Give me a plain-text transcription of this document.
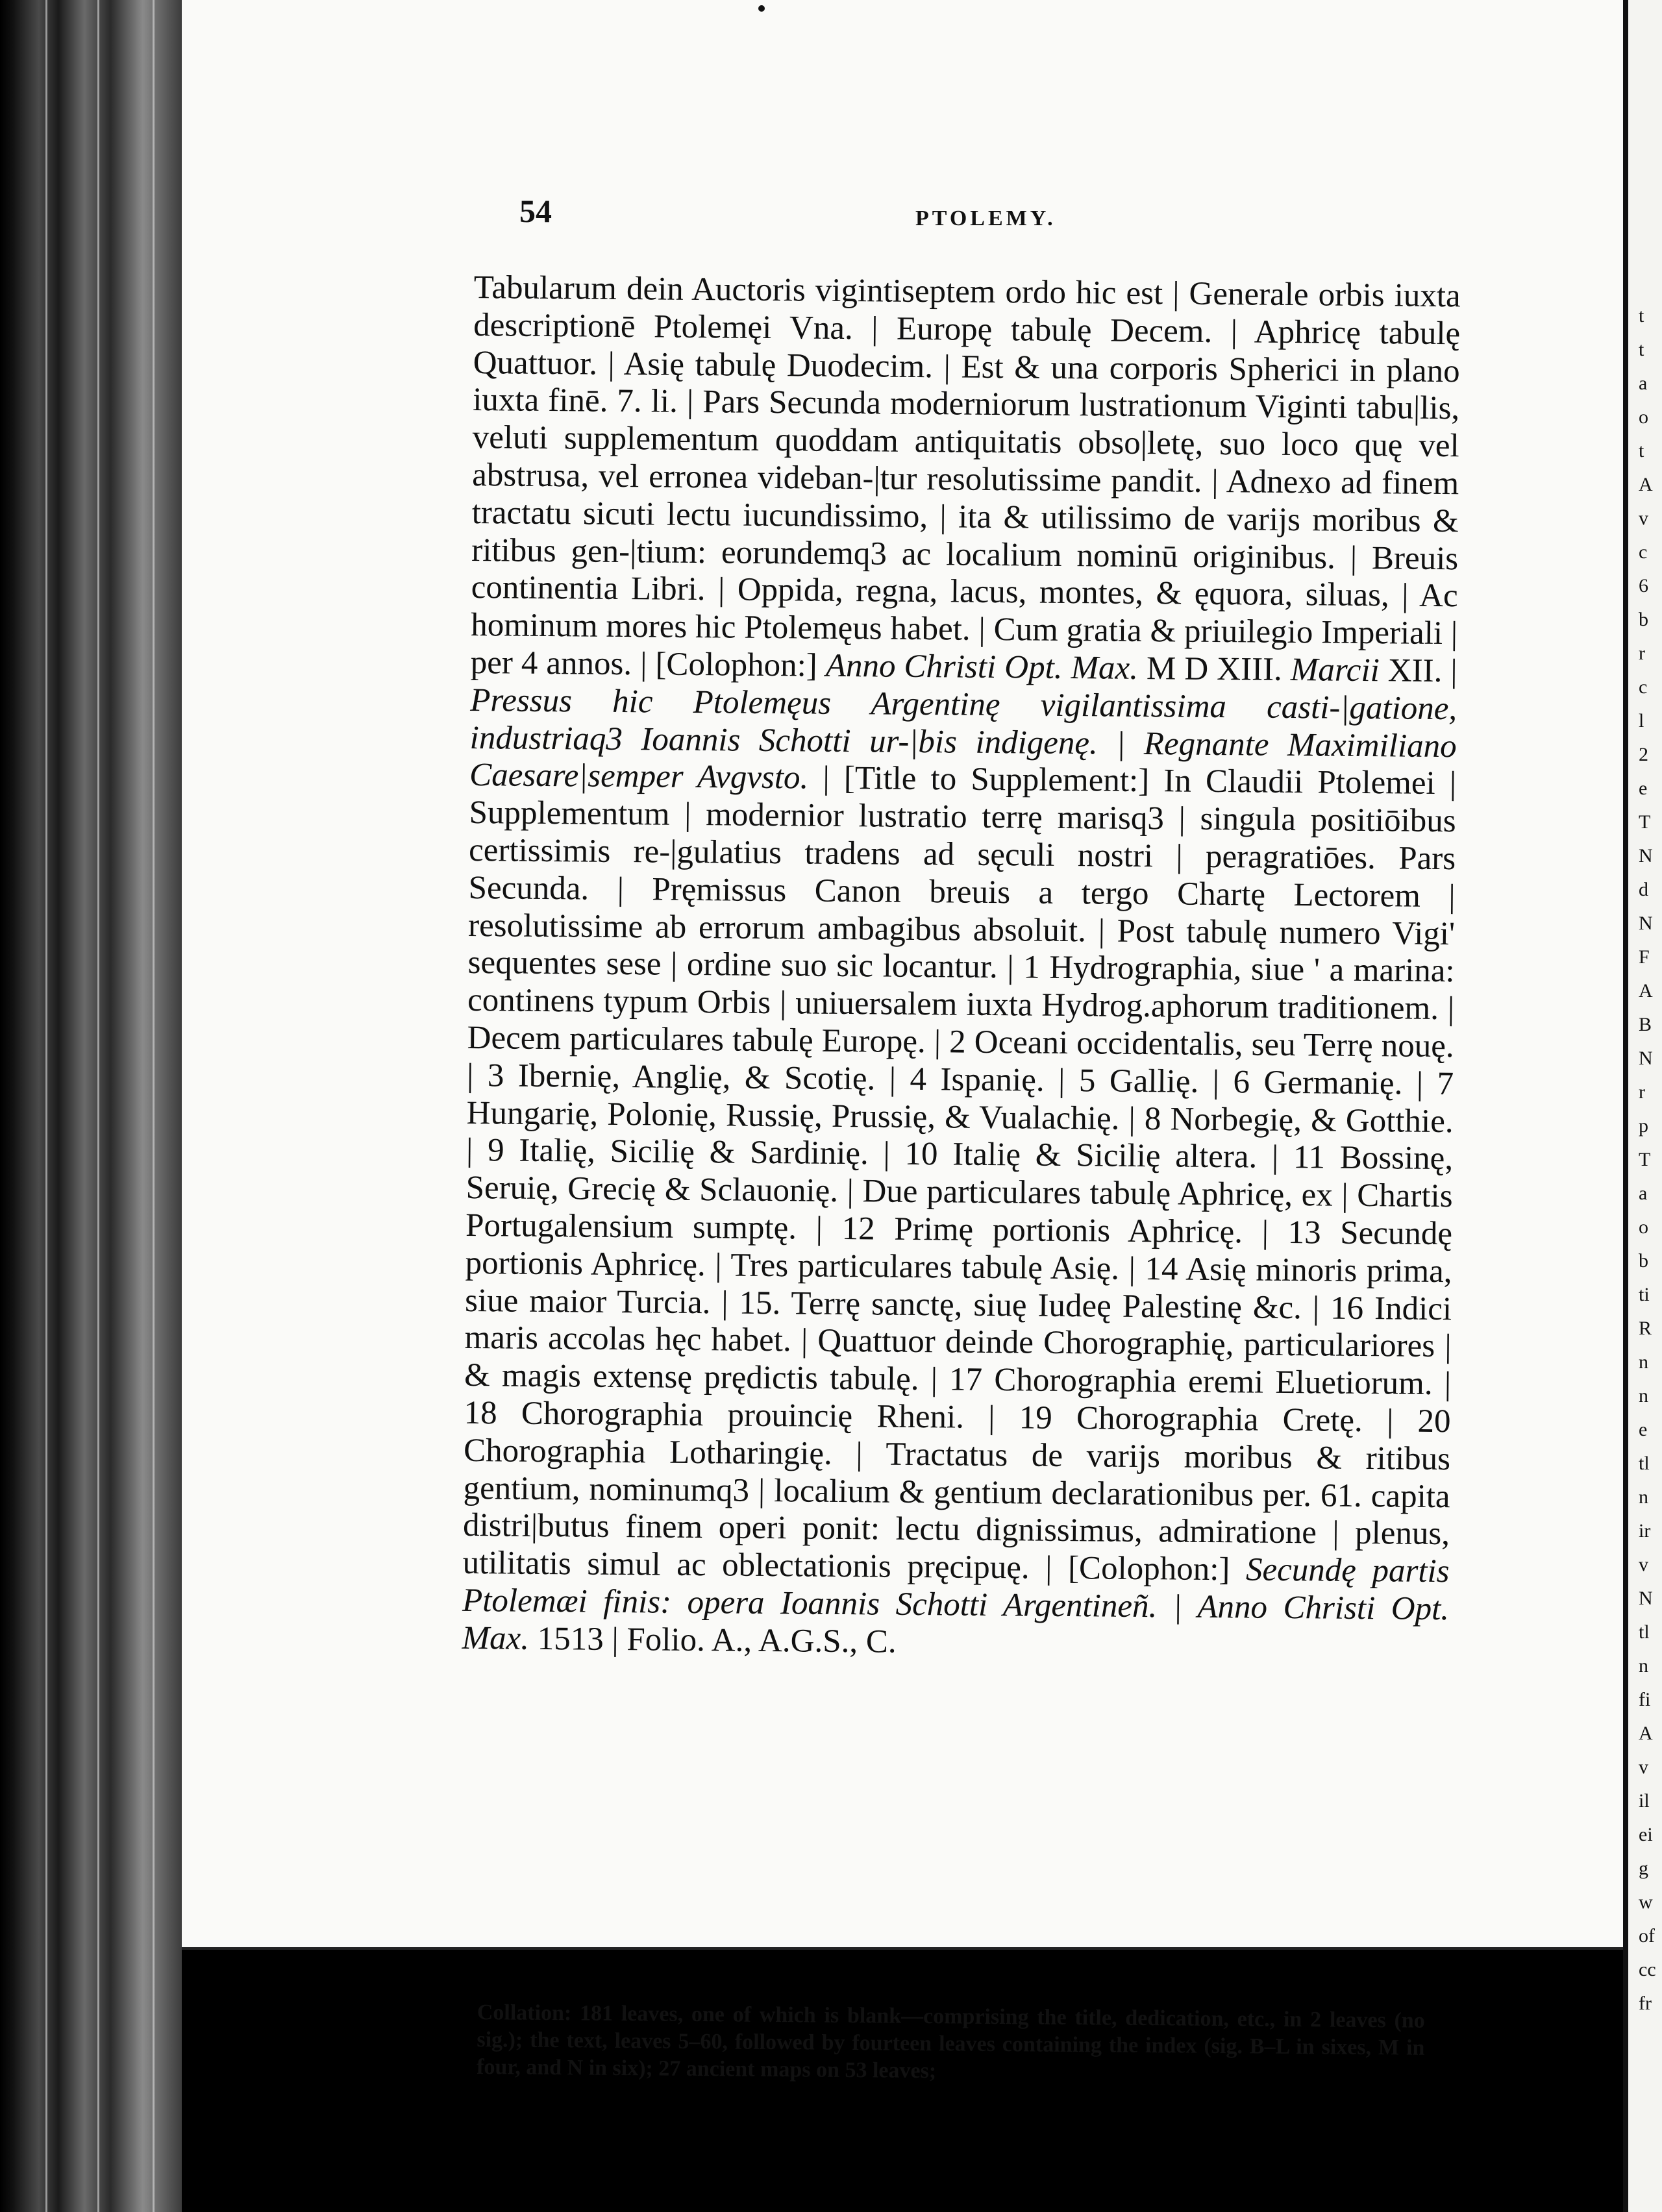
t
t
a
o
t
A
v
c
6
b
r
c
l
2
e
T
N
d
N
F
A
B
N
r
p
T
a
o
b
ti
R
n
n
e
tl
n
ir
v
N
tl
n
fi
A
v
il
ei
g
w
of
cc
fr
54	PTOLEMY.
Tabularum dein Auctoris vigintiseptem ordo hic est | Generale orbis iuxta descriptionē Ptolemęi Vna. | Europę tabulę Decem. | Aphricę tabulę Quattuor. | Asię tabulę Duodecim. | Est & una corporis Spherici in plano iuxta finē. 7. li. | Pars Secunda moderniorum lustrationum Viginti tabu|lis, veluti supplementum quoddam antiquitatis obso|letę, suo loco quę vel abstrusa, vel erronea videban-|tur resolutissime pandit. | Adnexo ad finem tractatu sicuti lectu iucundissimo, | ita & utilissimo de varijs moribus & ritibus gen-|tium: eorundemq3 ac localium nominū originibus. | Breuis continentia Libri. | Oppida, regna, lacus, montes, & ęquora, siluas, | Ac hominum mores hic Ptolemęus habet. | Cum gratia & priuilegio Imperiali | per 4 annos. | [Colophon:] Anno Christi Opt. Max. M D XIII. Marcii XII. | Pressus hic Ptolemęus Argentinę vigilantissima casti-|gatione, industriaq3 Ioannis Schotti ur-|bis indigenę. | Regnante Maximiliano Caesare|semper Avgvsto. | [Title to Supplement:] In Claudii Ptolemei | Supplementum | modernior lustratio terrę marisq3 | singula positiōibus certissimis re-|gulatius tradens ad sęculi nostri | peragratiōes. Pars Secunda. | Pręmissus Canon breuis a tergo Chartę Lectorem | resolutissime ab errorum ambagibus absoluit. | Post tabulę numero Vigi' sequentes sese | ordine suo sic locantur. | 1 Hydrographia, siue ' a marina: continens typum Orbis | uniuersalem iuxta Hydrog.aphorum traditionem. | Decem particulares tabulę Europę. | 2 Oceani occidentalis, seu Terrę nouę. | 3 Ibernię, Anglię, & Scotię. | 4 Ispanię. | 5 Gallię. | 6 Germanię. | 7 Hungarię, Polonię, Russię, Prussię, & Vualachię. | 8 Norbegię, & Gotthie. | 9 Italię, Sicilię & Sardinię. | 10 Italię & Sicilię altera. | 11 Bossinę, Seruię, Grecię & Sclauonię. | Due particulares tabulę Aphricę, ex | Chartis Portugalensium sumptę. | 12 Primę portionis Aphricę. | 13 Secundę portionis Aphricę. | Tres particulares tabulę Asię. | 14 Asię minoris prima, siue maior Turcia. | 15. Terrę sanctę, siuę Iudeę Palestinę &c. | 16 Indici maris accolas hęc habet. | Quattuor deinde Chorographię, particulariores | & magis extensę prędictis tabulę. | 17 Chorographia eremi Eluetiorum. | 18 Chorographia prouincię Rheni. | 19 Chorographia Cretę. | 20 Chorographia Lotharingię. | Tractatus de varijs moribus & ritibus gentium, nominumq3 | localium & gentium declarationibus per. 61. capita distri|butus finem operi ponit: lectu dignissimus, admiratione | plenus, utilitatis simul ac oblectationis pręcipuę. | [Colophon:] Secundę partis Ptolemæi finis: opera Ioannis Schotti Argentineñ. | Anno Christi Opt. Max. 1513 | Folio. A., A.G.S., C.
Collation: 181 leaves, one of which is blank—comprising the title, dedication, etc., in 2 leaves (no sig.); the text, leaves 5–60, followed by fourteen leaves containing the index (sig. B–L in sixes, M in four, and N in six); 27 ancient maps on 53 leaves;
